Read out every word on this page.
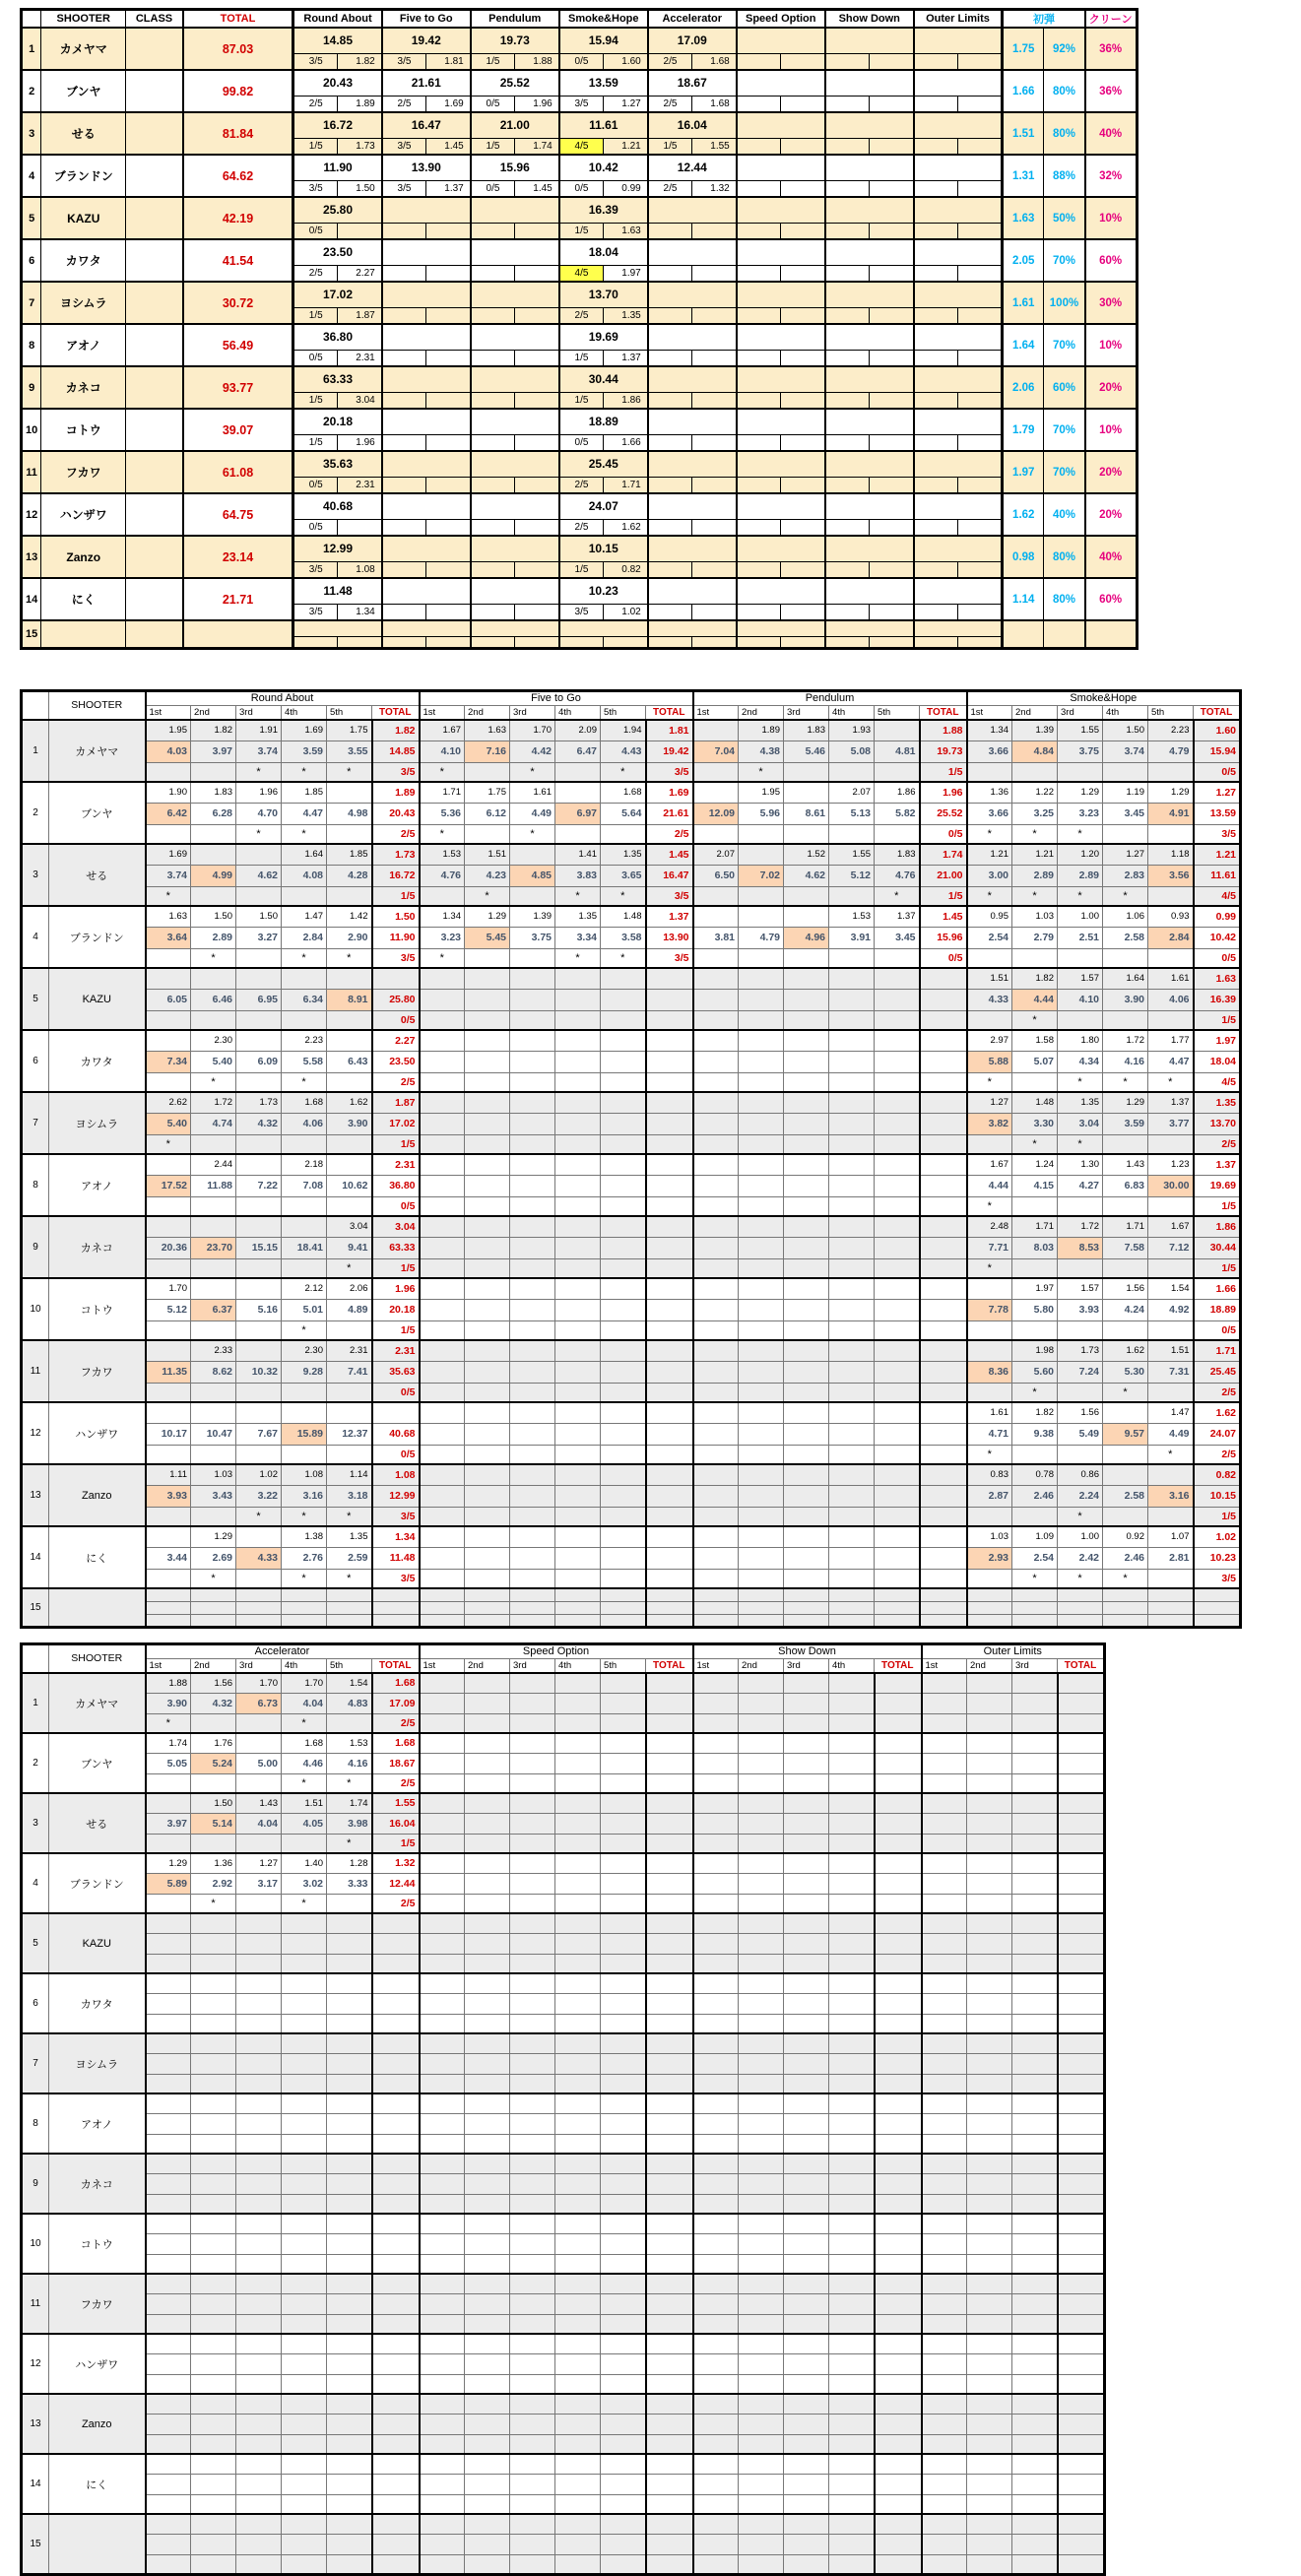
	SHOOTER	CLASS	TOTAL	Round About		Five to Go		Pendulum		Smoke&Hope		Accelerator		Speed Option		Show Down		Outer Limits		初弾		クリーン
1	カメヤマ		87.03	14.85		19.42		19.73		15.94		17.09								1.75	92%	36%
				3/5	1.82	3/5	1.81	1/5	1.88	0/5	1.60	2/5	1.68									
2	ブンヤ		99.82	20.43		21.61		25.52		13.59		18.67								1.66	80%	36%
				2/5	1.89	2/5	1.69	0/5	1.96	3/5	1.27	2/5	1.68									
3	せる		81.84	16.72		16.47		21.00		11.61		16.04								1.51	80%	40%
				1/5	1.73	3/5	1.45	1/5	1.74	4/5	1.21	1/5	1.55									
4	ブランドン		64.62	11.90		13.90		15.96		10.42		12.44								1.31	88%	32%
				3/5	1.50	3/5	1.37	0/5	1.45	0/5	0.99	2/5	1.32									
5	KAZU		42.19	25.80						16.39										1.63	50%	10%
				0/5						1/5	1.63											
6	カワタ		41.54	23.50						18.04										2.05	70%	60%
				2/5	2.27					4/5	1.97											
7	ヨシムラ		30.72	17.02						13.70										1.61	100%	30%
				1/5	1.87					2/5	1.35											
8	アオノ		56.49	36.80						19.69										1.64	70%	10%
				0/5	2.31					1/5	1.37											
9	カネコ		93.77	63.33						30.44										2.06	60%	20%
				1/5	3.04					1/5	1.86											
10	コトウ		39.07	20.18						18.89										1.79	70%	10%
				1/5	1.96					0/5	1.66											
11	フカワ		61.08	35.63						25.45										1.97	70%	20%
				0/5	2.31					2/5	1.71											
12	ハンザワ		64.75	40.68						24.07										1.62	40%	20%
				0/5						2/5	1.62											
13	Zanzo		23.14	12.99						10.15										0.98	80%	40%
				3/5	1.08					1/5	0.82											
14	にく		21.71	11.48						10.23										1.14	80%	60%
				3/5	1.34					3/5	1.02											
15																						

	SHOOTER	Round About						Five to Go						Pendulum						Smoke&Hope					
		1st	2nd	3rd	4th	5th	TOTAL	1st	2nd	3rd	4th	5th	TOTAL	1st	2nd	3rd	4th	5th	TOTAL	1st	2nd	3rd	4th	5th	TOTAL
1	カメヤマ	1.95	1.82	1.91	1.69	1.75	1.82	1.67	1.63	1.70	2.09	1.94	1.81		1.89	1.83	1.93		1.88	1.34	1.39	1.55	1.50	2.23	1.60
		4.03	3.97	3.74	3.59	3.55	14.85	4.10	7.16	4.42	6.47	4.43	19.42	7.04	4.38	5.46	5.08	4.81	19.73	3.66	4.84	3.75	3.74	4.79	15.94
				*	*	*	3/5	*		*		*	3/5		*				1/5						0/5
2	ブンヤ	1.90	1.83	1.96	1.85		1.89	1.71	1.75	1.61		1.68	1.69		1.95		2.07	1.86	1.96	1.36	1.22	1.29	1.19	1.29	1.27
		6.42	6.28	4.70	4.47	4.98	20.43	5.36	6.12	4.49	6.97	5.64	21.61	12.09	5.96	8.61	5.13	5.82	25.52	3.66	3.25	3.23	3.45	4.91	13.59
				*	*		2/5	*		*			2/5						0/5	*	*	*			3/5
3	せる	1.69			1.64	1.85	1.73	1.53	1.51		1.41	1.35	1.45	2.07		1.52	1.55	1.83	1.74	1.21	1.21	1.20	1.27	1.18	1.21
		3.74	4.99	4.62	4.08	4.28	16.72	4.76	4.23	4.85	3.83	3.65	16.47	6.50	7.02	4.62	5.12	4.76	21.00	3.00	2.89	2.89	2.83	3.56	11.61
		*					1/5		*		*	*	3/5					*	1/5	*	*	*	*		4/5
4	ブランドン	1.63	1.50	1.50	1.47	1.42	1.50	1.34	1.29	1.39	1.35	1.48	1.37				1.53	1.37	1.45	0.95	1.03	1.00	1.06	0.93	0.99
		3.64	2.89	3.27	2.84	2.90	11.90	3.23	5.45	3.75	3.34	3.58	13.90	3.81	4.79	4.96	3.91	3.45	15.96	2.54	2.79	2.51	2.58	2.84	10.42
			*		*	*	3/5	*			*	*	3/5						0/5						0/5
5	KAZU																			1.51	1.82	1.57	1.64	1.61	1.63
		6.05	6.46	6.95	6.34	8.91	25.80													4.33	4.44	4.10	3.90	4.06	16.39
							0/5														*				1/5
6	カワタ		2.30		2.23		2.27													2.97	1.58	1.80	1.72	1.77	1.97
		7.34	5.40	6.09	5.58	6.43	23.50													5.88	5.07	4.34	4.16	4.47	18.04
			*		*		2/5													*		*	*	*	4/5
7	ヨシムラ	2.62	1.72	1.73	1.68	1.62	1.87													1.27	1.48	1.35	1.29	1.37	1.35
		5.40	4.74	4.32	4.06	3.90	17.02													3.82	3.30	3.04	3.59	3.77	13.70
		*					1/5														*	*			2/5
8	アオノ		2.44		2.18		2.31													1.67	1.24	1.30	1.43	1.23	1.37
		17.52	11.88	7.22	7.08	10.62	36.80													4.44	4.15	4.27	6.83	30.00	19.69
							0/5													*					1/5
9	カネコ					3.04	3.04													2.48	1.71	1.72	1.71	1.67	1.86
		20.36	23.70	15.15	18.41	9.41	63.33													7.71	8.03	8.53	7.58	7.12	30.44
						*	1/5													*					1/5
10	コトウ	1.70			2.12	2.06	1.96														1.97	1.57	1.56	1.54	1.66
		5.12	6.37	5.16	5.01	4.89	20.18													7.78	5.80	3.93	4.24	4.92	18.89
					*		1/5																		0/5
11	フカワ		2.33		2.30	2.31	2.31														1.98	1.73	1.62	1.51	1.71
		11.35	8.62	10.32	9.28	7.41	35.63													8.36	5.60	7.24	5.30	7.31	25.45
							0/5														*		*		2/5
12	ハンザワ																			1.61	1.82	1.56		1.47	1.62
		10.17	10.47	7.67	15.89	12.37	40.68													4.71	9.38	5.49	9.57	4.49	24.07
							0/5													*				*	2/5
13	Zanzo	1.11	1.03	1.02	1.08	1.14	1.08													0.83	0.78	0.86			0.82
		3.93	3.43	3.22	3.16	3.18	12.99													2.87	2.46	2.24	2.58	3.16	10.15
				*	*	*	3/5															*			1/5
14	にく		1.29		1.38	1.35	1.34													1.03	1.09	1.00	0.92	1.07	1.02
		3.44	2.69	4.33	2.76	2.59	11.48													2.93	2.54	2.42	2.46	2.81	10.23
			*		*	*	3/5														*	*	*		3/5
15																									

	SHOOTER	Accelerator						Speed Option						Show Down					Outer Limits			
		1st	2nd	3rd	4th	5th	TOTAL	1st	2nd	3rd	4th	5th	TOTAL	1st	2nd	3rd	4th	TOTAL	1st	2nd	3rd	TOTAL
1	カメヤマ	1.88	1.56	1.70	1.70	1.54	1.68															
		3.90	4.32	6.73	4.04	4.83	17.09															
		*			*		2/5															
2	ブンヤ	1.74	1.76		1.68	1.53	1.68															
		5.05	5.24	5.00	4.46	4.16	18.67															
					*	*	2/5															
3	せる		1.50	1.43	1.51	1.74	1.55															
		3.97	5.14	4.04	4.05	3.98	16.04															
						*	1/5															
4	ブランドン	1.29	1.36	1.27	1.40	1.28	1.32															
		5.89	2.92	3.17	3.02	3.33	12.44															
			*		*		2/5															
5	KAZU																					

6	カワタ																					

7	ヨシムラ																					

8	アオノ																					

9	カネコ																					

10	コトウ																					

11	フカワ																					

12	ハンザワ																					

13	Zanzo																					

14	にく																					

15																						
